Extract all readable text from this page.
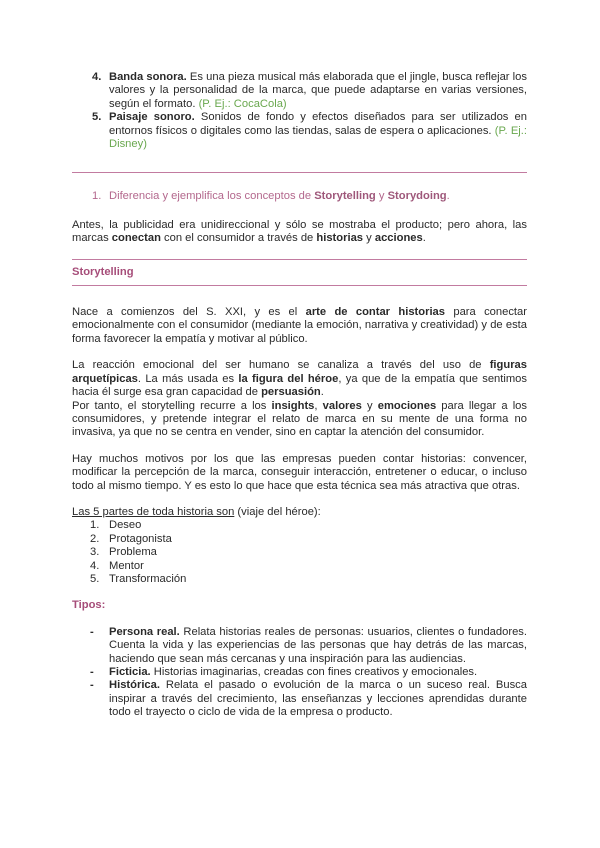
4. Banda sonora. Es una pieza musical más elaborada que el jingle, busca reflejar los valores y la personalidad de la marca, que puede adaptarse en varias versiones, según el formato. (P. Ej.: CocaCola)
5. Paisaje sonoro. Sonidos de fondo y efectos diseñados para ser utilizados en entornos físicos o digitales como las tiendas, salas de espera o aplicaciones. (P. Ej.: Disney)
1. Diferencia y ejemplifica los conceptos de Storytelling y Storydoing.

Antes, la publicidad era unidireccional y sólo se mostraba el producto; pero ahora, las marcas conectan con el consumidor a través de historias y acciones.

Storytelling

Nace a comienzos del S. XXI, y es el arte de contar historias para conectar emocionalmente con el consumidor (mediante la emoción, narrativa y creatividad) y de esta forma favorecer la empatía y motivar al público.

La reacción emocional del ser humano se canaliza a través del uso de figuras arquetípicas. La más usada es la figura del héroe, ya que de la empatía que sentimos hacia él surge esa gran capacidad de persuasión.

Por tanto, el storytelling recurre a los insights, valores y emociones para llegar a los consumidores, y pretende integrar el relato de marca en su mente de una forma no invasiva, ya que no se centra en vender, sino en captar la atención del consumidor.

Hay muchos motivos por los que las empresas pueden contar historias: convencer, modificar la percepción de la marca, conseguir interacción, entretener o educar, o incluso todo al mismo tiempo. Y es esto lo que hace que esta técnica sea más atractiva que otras.

Las 5 partes de toda historia son (viaje del héroe):
1. Deseo
2. Protagonista
3. Problema
4. Mentor
5. Transformación
Tipos:
- Persona real. Relata historias reales de personas: usuarios, clientes o fundadores. Cuenta la vida y las experiencias de las personas que hay detrás de las marcas, haciendo que sean más cercanas y una inspiración para las audiencias.
- Ficticia. Historias imaginarias, creadas con fines creativos y emocionales.
- Histórica. Relata el pasado o evolución de la marca o un suceso real. Busca inspirar a través del crecimiento, las enseñanzas y lecciones aprendidas durante todo el trayecto o ciclo de vida de la empresa o producto.
